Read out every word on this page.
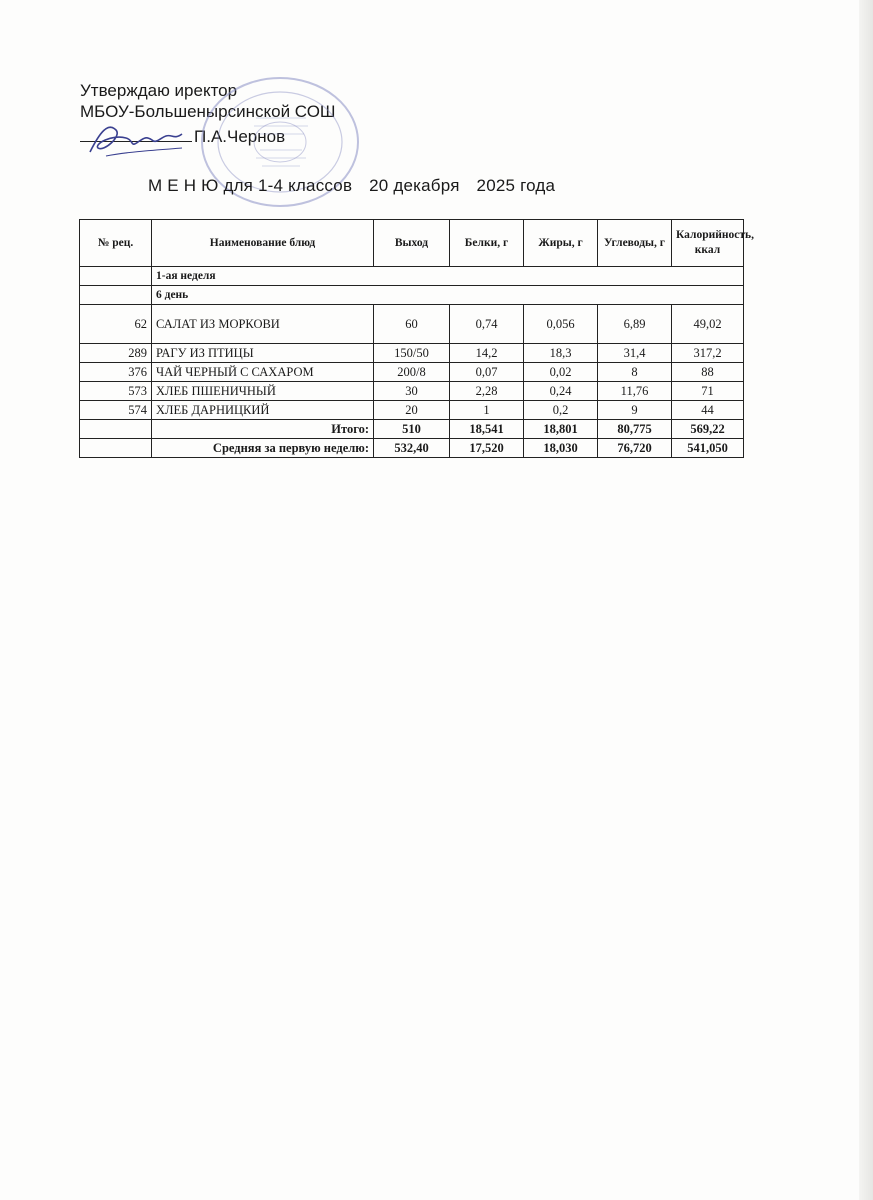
Утверждаю иректор
МБОУ-Большеныpсинской СОШ
П.А.Чернов
М Е Н Ю для 1-4 классов 20 декабря 2025 года
№ рец.	Наименование блюд	Выход	Белки, г	Жиры, г	Углеводы, г	Калорийность, ккал
	1-ая неделя					
	6 день					
62	САЛАТ ИЗ МОРКОВИ	60	0,74	0,056	6,89	49,02
289	РАГУ ИЗ ПТИЦЫ	150/50	14,2	18,3	31,4	317,2
376	ЧАЙ ЧЕРНЫЙ С САХАРОМ	200/8	0,07	0,02	8	88
573	ХЛЕБ ПШЕНИЧНЫЙ	30	2,28	0,24	11,76	71
574	ХЛЕБ ДАРНИЦКИЙ	20	1	0,2	9	44
	Итого:	510	18,541	18,801	80,775	569,22
	Средняя за первую неделю:	532,40	17,520	18,030	76,720	541,050
